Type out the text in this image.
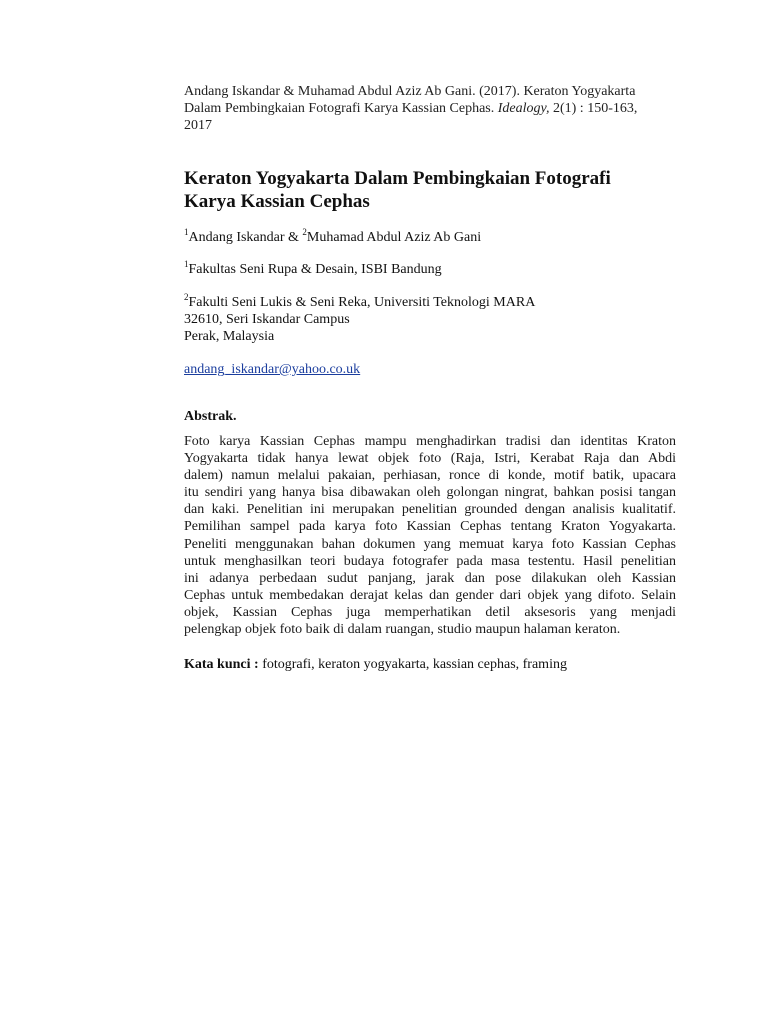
Andang Iskandar & Muhamad Abdul Aziz Ab Gani. (2017). Keraton Yogyakarta
Dalam Pembingkaian Fotografi Karya Kassian Cephas. Idealogy, 2(1) : 150-163,
2017
Keraton Yogyakarta Dalam Pembingkaian Fotografi
Karya Kassian Cephas
$^1$Andang Iskandar & $^2$Muhamad Abdul Aziz Ab Gani
$^1$Fakultas Seni Rupa & Desain, ISBI Bandung
$^2$Fakulti Seni Lukis & Seni Reka, Universiti Teknologi MARA
32610, Seri Iskandar Campus
Perak, Malaysia
andang_iskandar@yahoo.co.uk
Abstrak.
Foto karya Kassian Cephas mampu menghadirkan tradisi dan identitas Kraton
Yogyakarta tidak hanya lewat objek foto (Raja, Istri, Kerabat Raja dan Abdi
dalem) namun melalui pakaian, perhiasan, ronce di konde, motif batik, upacara
itu sendiri yang hanya bisa dibawakan oleh golongan ningrat, bahkan posisi tangan
dan kaki. Penelitian ini merupakan penelitian grounded dengan analisis kualitatif.
Pemilihan sampel pada karya foto Kassian Cephas tentang Kraton Yogyakarta.
Peneliti menggunakan bahan dokumen yang memuat karya foto Kassian Cephas
untuk menghasilkan teori budaya fotografer pada masa testentu. Hasil penelitian
ini adanya perbedaan sudut panjang, jarak dan pose dilakukan oleh Kassian
Cephas untuk membedakan derajat kelas dan gender dari objek yang difoto. Selain
objek, Kassian Cephas juga memperhatikan detil aksesoris yang menjadi
pelengkap objek foto baik di dalam ruangan, studio maupun halaman keraton.
Kata kunci : fotografi, keraton yogyakarta, kassian cephas, framing
